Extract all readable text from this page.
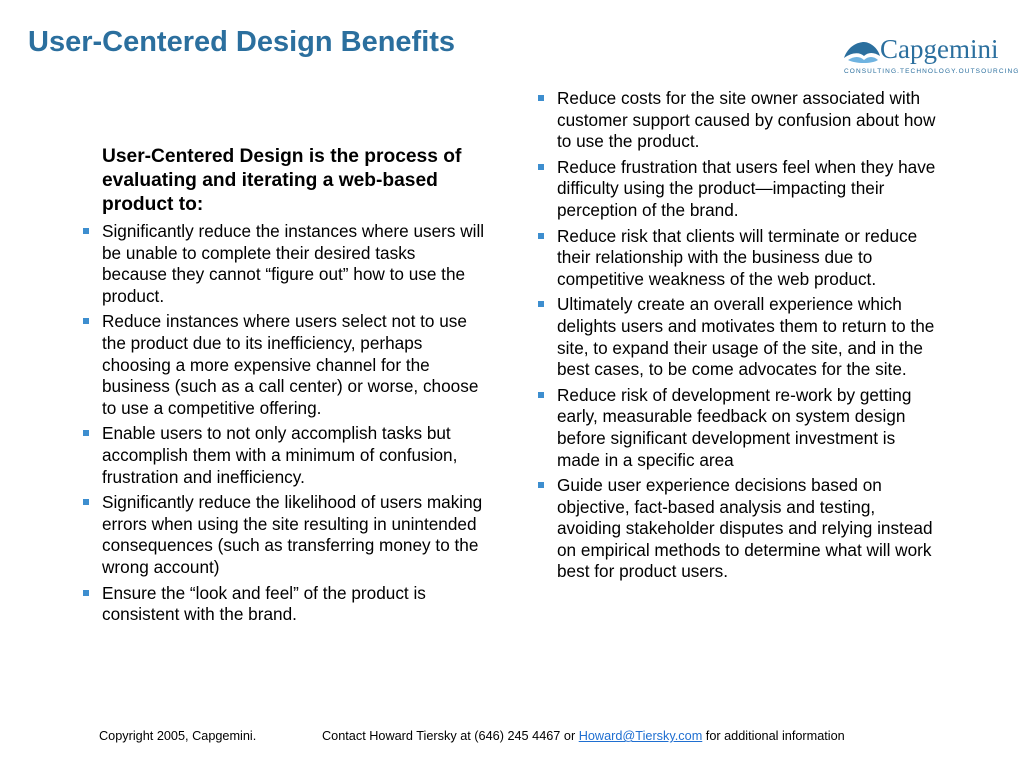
User-Centered Design Benefits	Capgemini
CONSULTING.TECHNOLOGY.OUTSOURCING
User-Centered Design is the process of evaluating and iterating a web-based product to:
Significantly reduce the instances where users will be unable to complete their desired tasks because they cannot “figure out” how to use the product.
Reduce instances where users select not to use the product due to its inefficiency, perhaps choosing a more expensive channel for the business (such as a call center) or worse, choose to use a competitive offering.
Enable users to not only accomplish tasks but accomplish them with a minimum of confusion, frustration and inefficiency.
Significantly reduce the likelihood of users making errors when using the site resulting in unintended consequences (such as transferring money to the wrong account)
Ensure the “look and feel” of the product is consistent with the brand.
Reduce costs for the site owner associated with customer support caused by confusion about how to use the product.
Reduce frustration that users feel when they have difficulty using the product—impacting their perception of the brand.
Reduce risk that clients will terminate or reduce their relationship with the business due to competitive weakness of the web product.
Ultimately create an overall experience which delights users and motivates them to return to the site, to expand their usage of the site, and in the best cases, to be come advocates for the site.
Reduce risk of development re-work by getting early, measurable feedback on system design before significant development investment is made in a specific area
Guide user experience decisions based on objective, fact-based analysis and testing, avoiding stakeholder disputes and relying instead on empirical methods to determine what will work best for product users.
Copyright 2005, Capgemini.	Contact Howard Tiersky at (646) 245 4467 or Howard@Tiersky.com for additional information
